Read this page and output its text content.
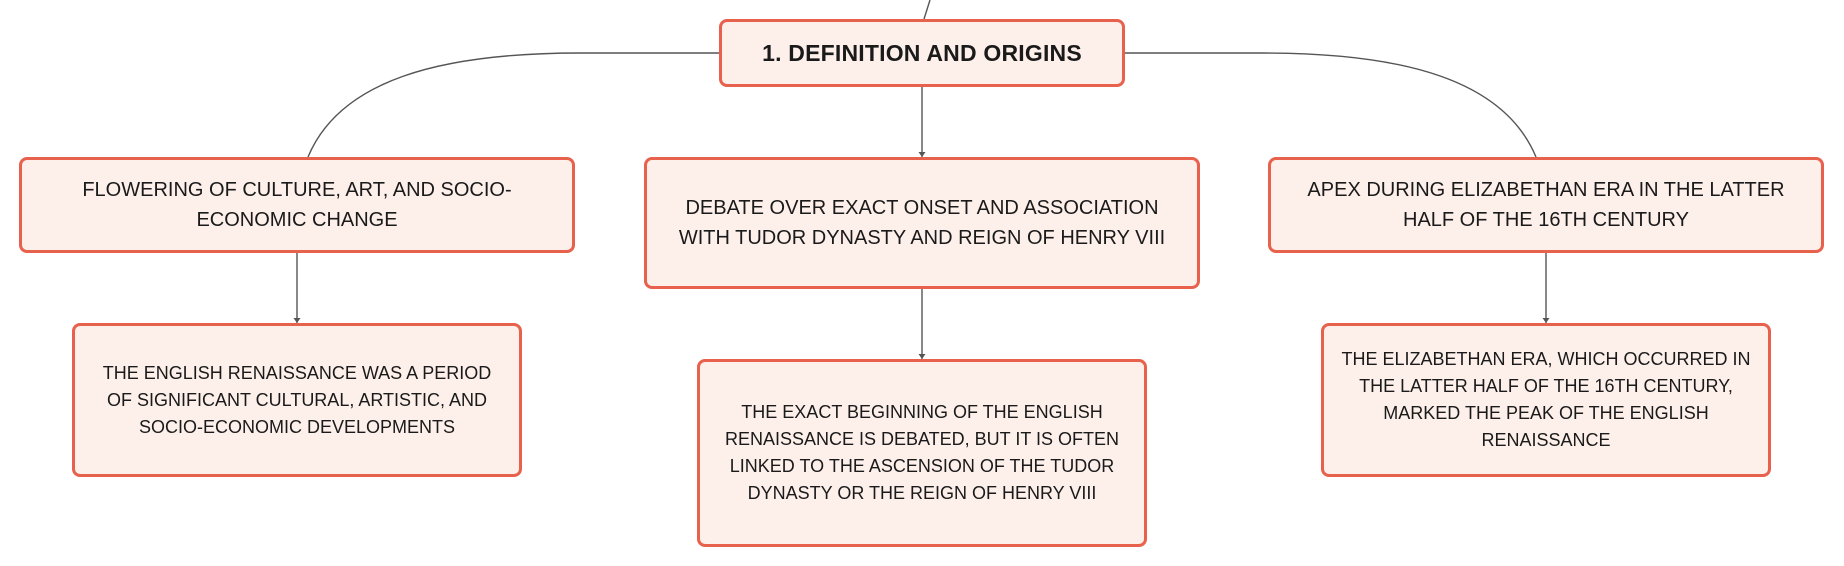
1. DEFINITION AND ORIGINS
FLOWERING OF CULTURE, ART, AND SOCIO-ECONOMIC CHANGE
DEBATE OVER EXACT ONSET AND ASSOCIATION WITH TUDOR DYNASTY AND REIGN OF HENRY VIII
APEX DURING ELIZABETHAN ERA IN THE LATTER HALF OF THE 16TH CENTURY
THE ENGLISH RENAISSANCE WAS A PERIOD OF SIGNIFICANT CULTURAL, ARTISTIC, AND SOCIO-ECONOMIC DEVELOPMENTS
THE EXACT BEGINNING OF THE ENGLISH RENAISSANCE IS DEBATED, BUT IT IS OFTEN LINKED TO THE ASCENSION OF THE TUDOR DYNASTY OR THE REIGN OF HENRY VIII
THE ELIZABETHAN ERA, WHICH OCCURRED IN THE LATTER HALF OF THE 16TH CENTURY, MARKED THE PEAK OF THE ENGLISH RENAISSANCE
